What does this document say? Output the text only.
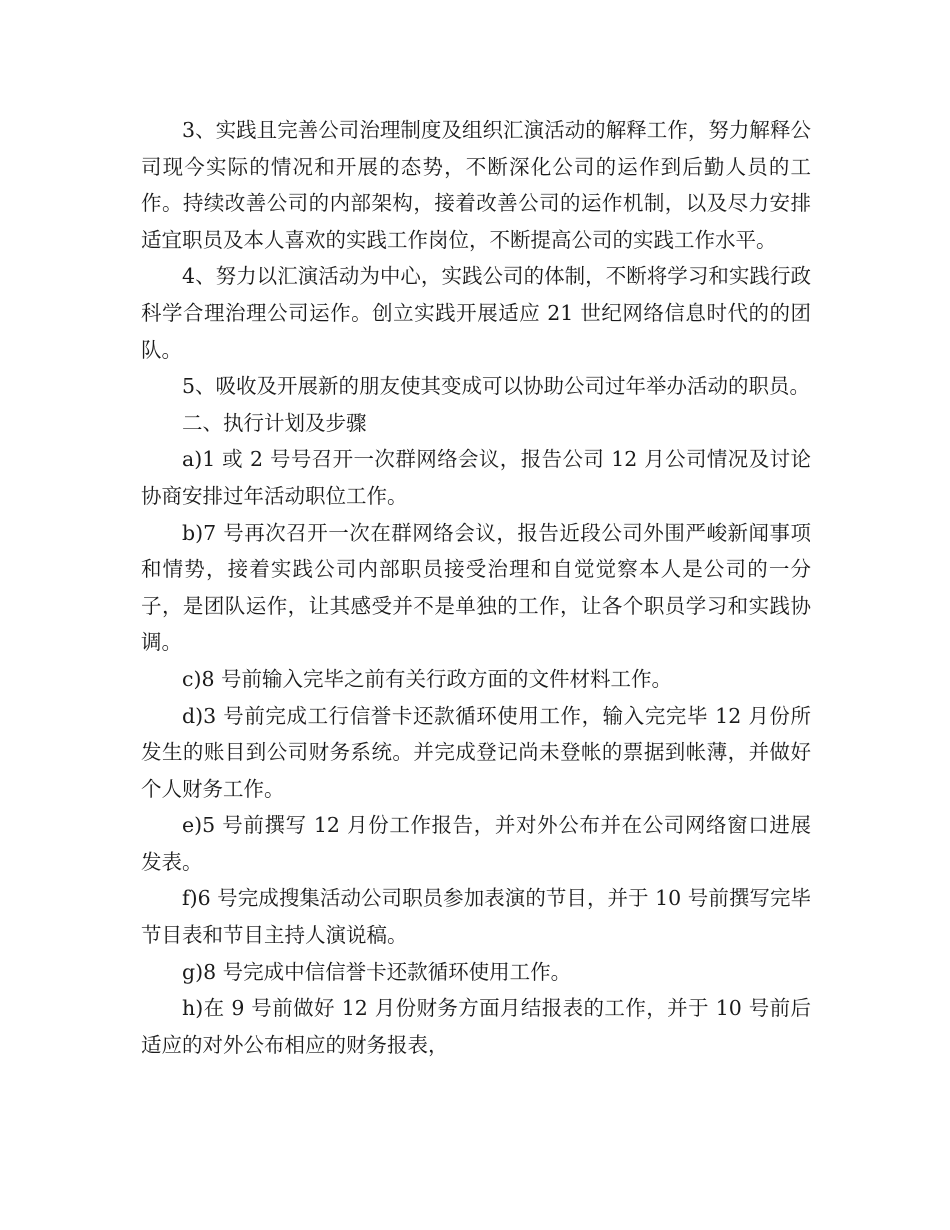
3、实践且完善公司治理制度及组织汇演活动的解释工作，努力解释公司现今实际的情况和开展的态势，不断深化公司的运作到后勤人员的工作。持续改善公司的内部架构，接着改善公司的运作机制，以及尽力安排适宜职员及本人喜欢的实践工作岗位，不断提高公司的实践工作水平。

4、努力以汇演活动为中心，实践公司的体制，不断将学习和实践行政科学合理治理公司运作。创立实践开展适应 21 世纪网络信息时代的的团队。

5、吸收及开展新的朋友使其变成可以协助公司过年举办活动的职员。

二、执行计划及步骤

a)1 或 2 号号召开一次群网络会议，报告公司 12 月公司情况及讨论协商安排过年活动职位工作。

b)7 号再次召开一次在群网络会议，报告近段公司外围严峻新闻事项和情势，接着实践公司内部职员接受治理和自觉觉察本人是公司的一分子，是团队运作，让其感受并不是单独的工作，让各个职员学习和实践协调。

c)8 号前输入完毕之前有关行政方面的文件材料工作。

d)3 号前完成工行信誉卡还款循环使用工作，输入完完毕 12 月份所发生的账目到公司财务系统。并完成登记尚未登帐的票据到帐薄，并做好个人财务工作。

e)5 号前撰写 12 月份工作报告，并对外公布并在公司网络窗口进展发表。

f)6 号完成搜集活动公司职员参加表演的节目，并于 10 号前撰写完毕节目表和节目主持人演说稿。

g)8 号完成中信信誉卡还款循环使用工作。

h)在 9 号前做好 12 月份财务方面月结报表的工作，并于 10 号前后适应的对外公布相应的财务报表，
